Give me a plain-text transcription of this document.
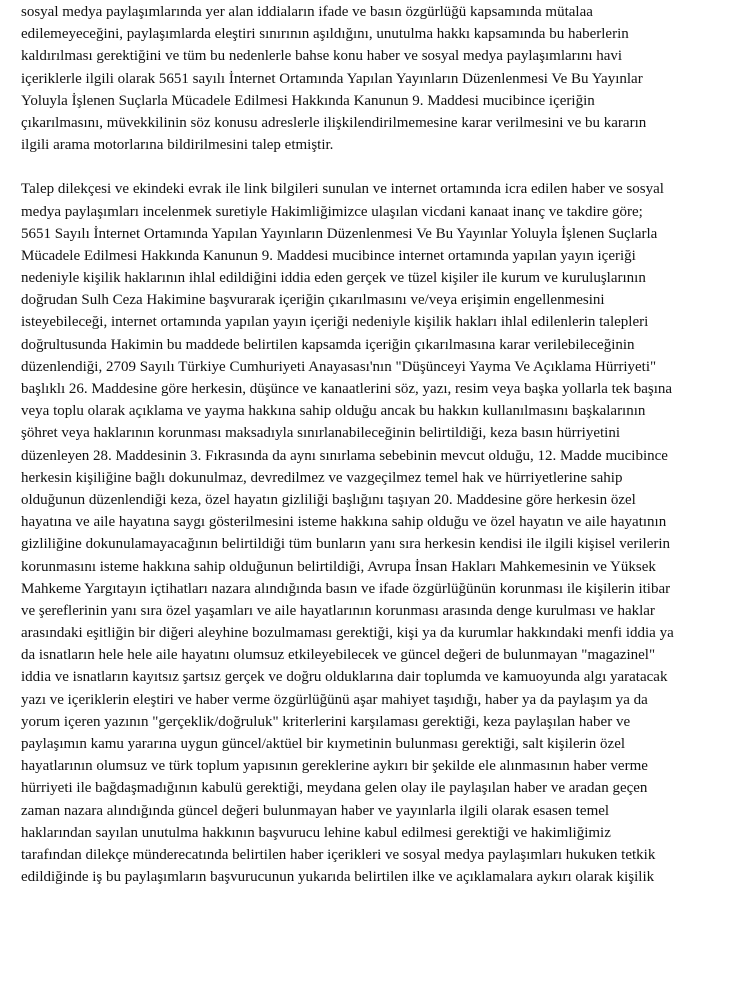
sosyal medya paylaşımlarında yer alan iddiaların ifade ve basın özgürlüğü kapsamında mütalaa
edilemeyeceğini, paylaşımlarda eleştiri sınırının aşıldığını, unutulma hakkı kapsamında bu haberlerin
kaldırılması gerektiğini ve tüm bu nedenlerle bahse konu haber ve sosyal medya paylaşımlarını havi
içeriklerle ilgili olarak 5651 sayılı İnternet Ortamında Yapılan Yayınların Düzenlenmesi Ve Bu Yayınlar
Yoluyla İşlenen Suçlarla Mücadele Edilmesi Hakkında Kanunun 9. Maddesi mucibince içeriğin
çıkarılmasını, müvekkilinin söz konusu adreslerle ilişkilendirilmemesine karar verilmesini ve bu kararın
ilgili arama motorlarına bildirilmesini talep etmiştir.
Talep dilekçesi ve ekindeki evrak ile link bilgileri sunulan ve internet ortamında icra edilen haber ve sosyal
medya paylaşımları incelenmek suretiyle Hakimliğimizce ulaşılan vicdani kanaat inanç ve takdire göre;
5651 Sayılı İnternet Ortamında Yapılan Yayınların Düzenlenmesi Ve Bu Yayınlar Yoluyla İşlenen Suçlarla
Mücadele Edilmesi Hakkında Kanunun 9. Maddesi mucibince internet ortamında yapılan yayın içeriği
nedeniyle kişilik haklarının ihlal edildiğini iddia eden gerçek ve tüzel kişiler ile kurum ve kuruluşlarının
doğrudan Sulh Ceza Hakimine başvurarak içeriğin çıkarılmasını ve/veya erişimin engellenmesini
isteyebileceği, internet ortamında yapılan yayın içeriği nedeniyle kişilik hakları ihlal edilenlerin talepleri
doğrultusunda Hakimin bu maddede belirtilen kapsamda içeriğin çıkarılmasına karar verilebileceğinin
düzenlendiği, 2709 Sayılı Türkiye Cumhuriyeti Anayasası'nın "Düşünceyi Yayma Ve Açıklama Hürriyeti"
başlıklı 26. Maddesine göre herkesin, düşünce ve kanaatlerini söz, yazı, resim veya başka yollarla tek başına
veya toplu olarak açıklama ve yayma hakkına sahip olduğu ancak bu hakkın kullanılmasını başkalarının
şöhret veya haklarının korunması maksadıyla sınırlanabileceğinin belirtildiği, keza basın hürriyetini
düzenleyen 28. Maddesinin 3. Fıkrasında da aynı sınırlama sebebinin mevcut olduğu, 12. Madde mucibince
herkesin kişiliğine bağlı dokunulmaz, devredilmez ve vazgeçilmez temel hak ve hürriyetlerine sahip
olduğunun düzenlendiği keza, özel hayatın gizliliği başlığını taşıyan 20. Maddesine göre herkesin özel
hayatına ve aile hayatına saygı gösterilmesini isteme hakkına sahip olduğu ve özel hayatın ve aile hayatının
gizliliğine dokunulamayacağının belirtildiği tüm bunların yanı sıra herkesin kendisi ile ilgili kişisel verilerin
korunmasını isteme hakkına sahip olduğunun belirtildiği, Avrupa İnsan Hakları Mahkemesinin ve Yüksek
Mahkeme Yargıtayın içtihatları nazara alındığında basın ve ifade özgürlüğünün korunması ile kişilerin itibar
ve şereflerinin yanı sıra özel yaşamları ve aile hayatlarının korunması arasında denge kurulması ve haklar
arasındaki eşitliğin bir diğeri aleyhine bozulmaması gerektiği, kişi ya da kurumlar hakkındaki menfi iddia ya
da isnatların hele hele aile hayatını olumsuz etkileyebilecek ve güncel değeri de bulunmayan "magazinel"
iddia ve isnatların kayıtsız şartsız gerçek ve doğru olduklarına dair toplumda ve kamuoyunda algı yaratacak
yazı ve içeriklerin eleştiri ve haber verme özgürlüğünü aşar mahiyet taşıdığı, haber ya da paylaşım ya da
yorum içeren yazının "gerçeklik/doğruluk" kriterlerini karşılaması gerektiği, keza paylaşılan haber ve
paylaşımın kamu yararına uygun güncel/aktüel bir kıymetinin bulunması gerektiği, salt kişilerin özel
hayatlarının olumsuz ve türk toplum yapısının gereklerine aykırı bir şekilde ele alınmasının haber verme
hürriyeti ile bağdaşmadığının kabulü gerektiği, meydana gelen olay ile paylaşılan haber ve aradan geçen
zaman nazara alındığında güncel değeri bulunmayan haber ve yayınlarla ilgili olarak esasen temel
haklarından sayılan unutulma hakkının başvurucu lehine kabul edilmesi gerektiği ve hakimliğimiz
tarafından dilekçe münderecatında belirtilen haber içerikleri ve sosyal medya paylaşımları hukuken tetkik
edildiğinde iş bu paylaşımların başvurucunun yukarıda belirtilen ilke ve açıklamalara aykırı olarak kişilik
